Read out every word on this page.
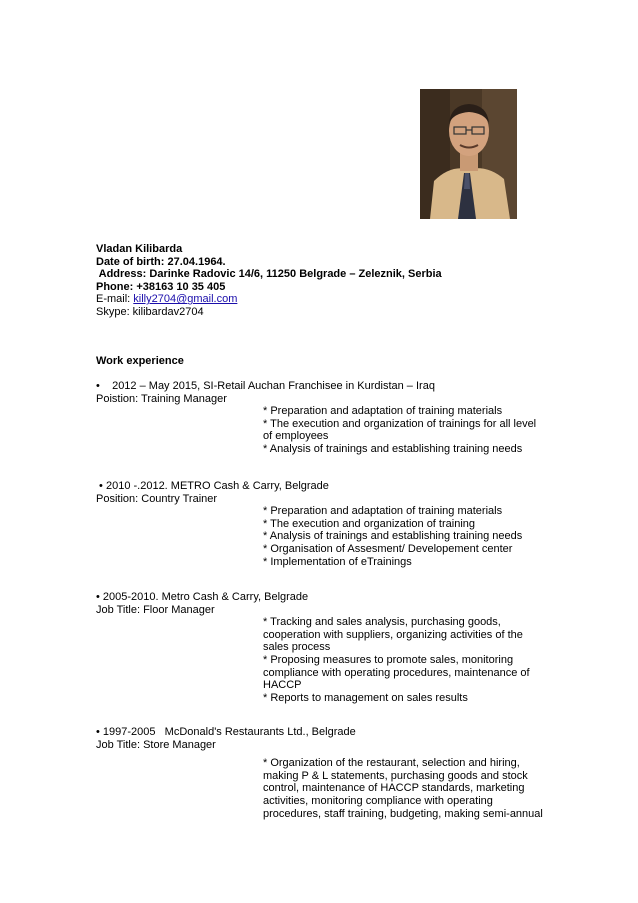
Vladan Kilibarda
Date of birth: 27.04.1964.
Address: Darinke Radovic 14/6, 11250 Belgrade – Zeleznik, Serbia
Phone: +38163 10 35 405
E-mail: killy2704@gmail.com
Skype: kilibardav2704
Work experience
•    2012 – May 2015, SI-Retail Auchan Franchisee in Kurdistan – Iraq
Poistion: Training Manager
* Preparation and adaptation of training materials
* The execution and organization of trainings for all level of employees
* Analysis of trainings and establishing training needs
• 2010 -.2012. METRO Cash & Carry, Belgrade
Position: Country Trainer
* Preparation and adaptation of training materials
* The execution and organization of training
* Analysis of trainings and establishing training needs
* Organisation of Assesment/ Developement center
* Implementation of eTrainings
• 2005-2010. Metro Cash & Carry, Belgrade
Job Title: Floor Manager
* Tracking and sales analysis, purchasing goods, cooperation with suppliers, organizing activities of the sales process
* Proposing measures to promote sales, monitoring compliance with operating procedures, maintenance of HACCP
* Reports to management on sales results
• 1997-2005   McDonald's Restaurants Ltd., Belgrade
Job Title: Store Manager
* Organization of the restaurant, selection and hiring, making P & L statements, purchasing goods and stock control, maintenance of HACCP standards, marketing activities, monitoring compliance with operating procedures, staff training, budgeting, making semi-annual
